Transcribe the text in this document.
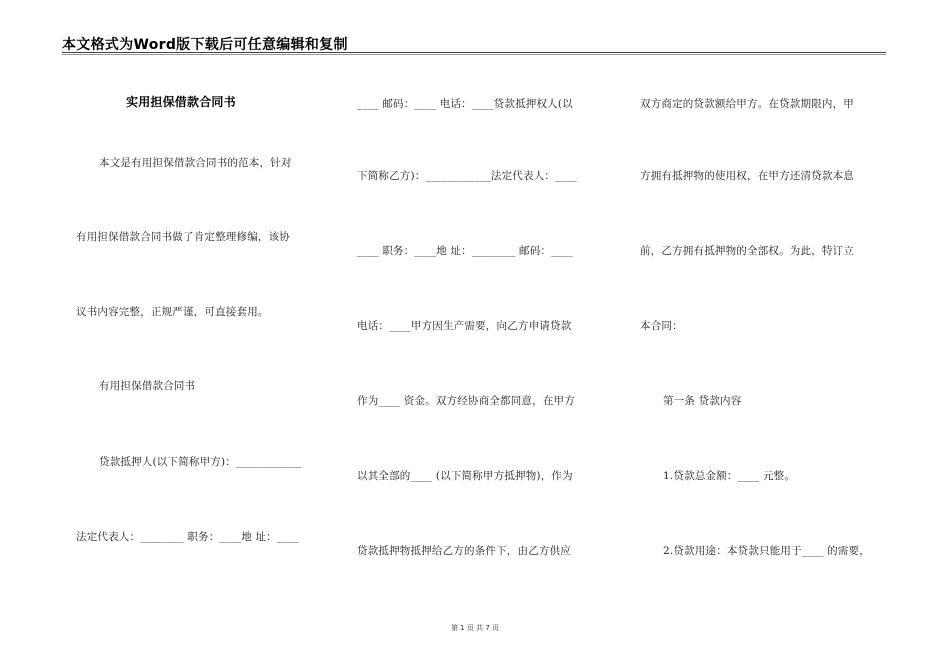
本文格式为Word版下载后可任意编辑和复制
实用担保借款合同书
本文是有用担保借款合同书的范本，针对
有用担保借款合同书做了肯定整理修编，该协
议书内容完整，正规严谨，可直接套用。
有用担保借款合同书
贷款抵押人(以下简称甲方)：____________
法定代表人：________ 职务：____地 址：____
____ 邮码：____ 电话：____贷款抵押权人(以
下简称乙方)：____________法定代表人：____
____ 职务：____地 址：________ 邮码：____
电话：____甲方因生产需要，向乙方申请贷款
作为____ 资金。双方经协商全都同意，在甲方
以其全部的____ (以下简称甲方抵押物)，作为
贷款抵押物抵押给乙方的条件下，由乙方供应
双方商定的贷款额给甲方。在贷款期限内，甲
方拥有抵押物的使用权，在甲方还清贷款本息
前，乙方拥有抵押物的全部权。为此，特订立
本合同：
第一条 贷款内容
1.贷款总金额：____ 元整。
2.贷款用途：本贷款只能用于____ 的需要，
第 1 页 共 7 页
